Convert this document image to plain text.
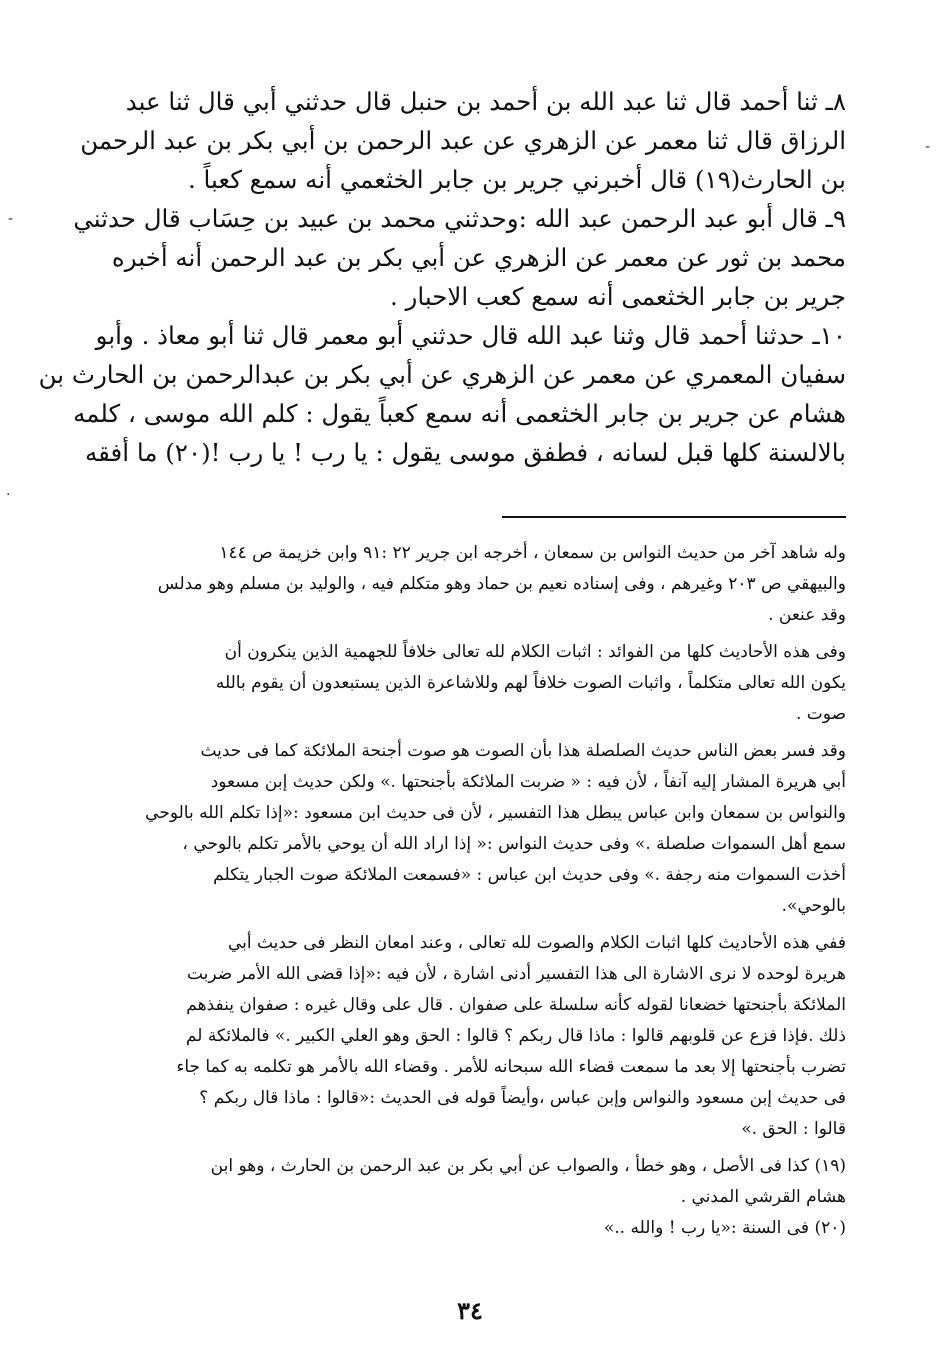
٨ـ ثنا أحمد قال ثنا عبد الله بن أحمد بن حنبل قال حدثني أبي قال ثنا عبد
الرزاق قال ثنا معمر عن الزهري عن عبد الرحمن بن أبي بكر بن عبد الرحمن
بن الحارث(١٩) قال أخبرني جرير بن جابر الخثعمي أنه سمع كعباً .
٩ـ قال أبو عبد الرحمن عبد الله :وحدثني محمد بن عبيد بن حِسَاب قال حدثني
محمد بن ثور عن معمر عن الزهري عن أبي بكر بن عبد الرحمن أنه أخبره
جرير بن جابر الخثعمى أنه سمع كعب الاحبار .
١٠ـ حدثنا أحمد قال وثنا عبد الله قال حدثني أبو معمر قال ثنا أبو معاذ . وأبو
سفيان المعمري عن معمر عن الزهري عن أبي بكر بن عبدالرحمن بن الحارث بن
هشام عن جرير بن جابر الخثعمى أنه سمع كعباً يقول : كلم الله موسى ، كلمه
بالالسنة كلها قبل لسانه ، فطفق موسى يقول : يا رب ! يا رب !(٢٠) ما أفقه
وله شاهد آخر من حديث النواس بن سمعان ، أخرجه ابن جرير ٢٢ :٩١ وابن خزيمة ص ١٤٤
والبيهقي ص ٢٠٣ وغيرهم ، وفى إسناده نعيم بن حماد وهو متكلم فيه ، والوليد بن مسلم وهو مدلس
وقد عنعن .
وفى هذه الأحاديث كلها من الفوائد : اثبات الكلام لله تعالى خلافاً للجهمية الذين ينكرون أن
يكون الله تعالى متكلماً ، واثبات الصوت خلافاً لهم وللاشاعرة الذين يستبعدون أن يقوم بالله
صوت .
وقد فسر بعض الناس حديث الصلصلة هذا بأن الصوت هو صوت أجنحة الملائكة كما فى حديث
أبي هريرة المشار إليه آنفاً ، لأن فيه : « ضربت الملائكة بأجنحتها .» ولكن حديث إبن مسعود
والنواس بن سمعان وابن عباس يبطل هذا التفسير ، لأن فى حديث ابن مسعود :«إذا تكلم الله بالوحي
سمع أهل السموات صلصلة .» وفى حديث النواس :« إذا اراد الله أن يوحي بالأمر تكلم بالوحي ،
أخذت السموات منه رجفة .» وفى حديث ابن عباس : «فسمعت الملائكة صوت الجبار يتكلم
بالوحي».
ففي هذه الأحاديث كلها اثبات الكلام والصوت لله تعالى ، وعند امعان النظر فى حديث أبي
هريرة لوحده لا نرى الاشارة الى هذا التفسير أدنى اشارة ، لأن فيه :«إذا قضى الله الأمر ضربت
الملائكة بأجنحتها خضعانا لقوله كأنه سلسلة على صفوان . قال على وقال غيره : صفوان ينفذهم
ذلك .فإذا فزع عن قلوبهم قالوا : ماذا قال ربكم ؟ قالوا : الحق وهو العلي الكبير .» فالملائكة لم
تضرب بأجنحتها إلا بعد ما سمعت قضاء الله سبحانه للأمر . وقضاء الله بالأمر هو تكلمه به كما جاء
فى حديث إبن مسعود والنواس وإبن عباس ،وأيضاً قوله فى الحديث :«قالوا : ماذا قال ربكم ؟
قالوا : الحق .»
(١٩) كذا فى الأصل ، وهو خطأ ، والصواب عن أبي بكر بن عبد الرحمن بن الحارث ، وهو ابن
هشام القرشي المدني .
(٢٠) فى السنة :«يا رب ! والله ..»
٣٤
-
-
·
